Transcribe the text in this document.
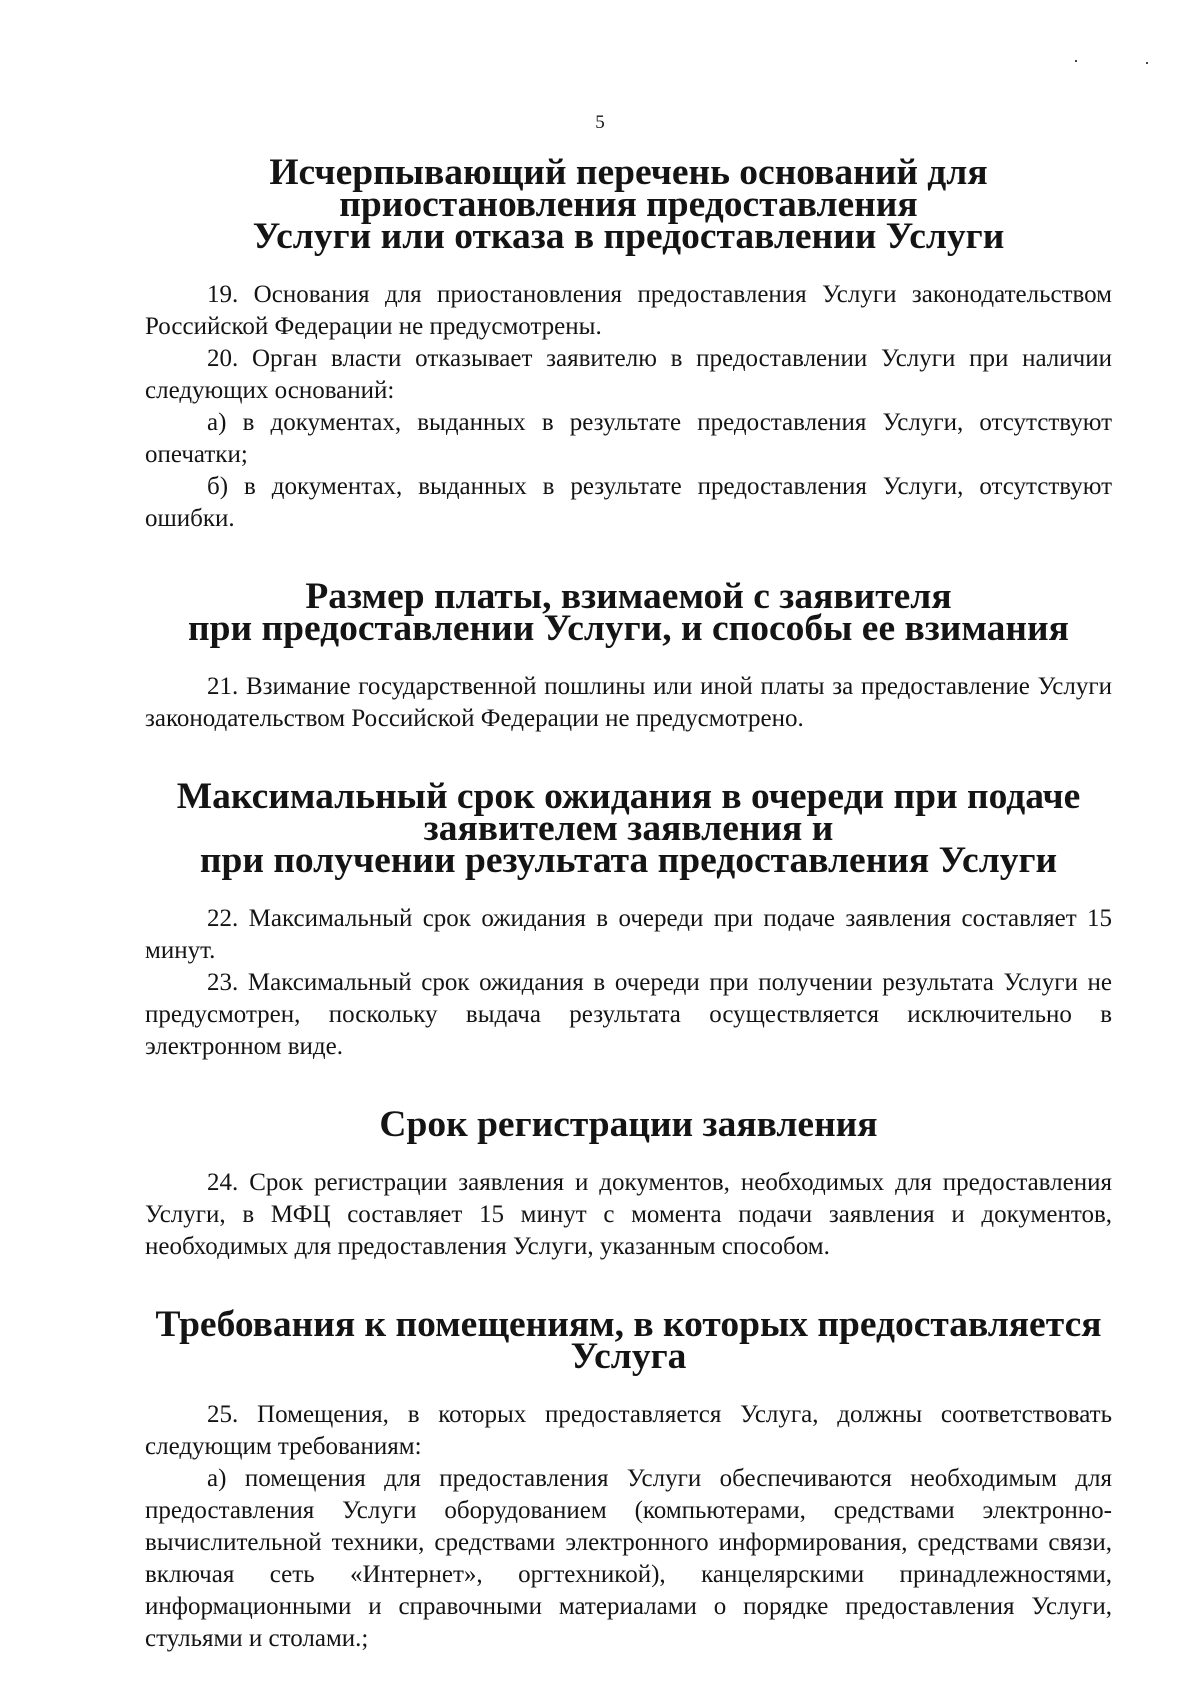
5
Исчерпывающий перечень оснований для приостановления предоставления
Услуги или отказа в предоставлении Услуги

19. Основания для приостановления предоставления Услуги законодательством Российской Федерации не предусмотрены.

20. Орган власти отказывает заявителю в предоставлении Услуги при наличии следующих оснований:

а) в документах, выданных в результате предоставления Услуги, отсутствуют опечатки;

б) в документах, выданных в результате предоставления Услуги, отсутствуют ошибки.

Размер платы, взимаемой с заявителя
при предоставлении Услуги, и способы ее взимания

21. Взимание государственной пошлины или иной платы за предоставление Услуги законодательством Российской Федерации не предусмотрено.

Максимальный срок ожидания в очереди при подаче заявителем заявления и
при получении результата предоставления Услуги

22. Максимальный срок ожидания в очереди при подаче заявления составляет 15 минут.

23. Максимальный срок ожидания в очереди при получении результата Услуги не предусмотрен, поскольку выдача результата осуществляется исключительно в электронном виде.

Срок регистрации заявления

24. Срок регистрации заявления и документов, необходимых для предоставления Услуги, в МФЦ составляет 15 минут с момента подачи заявления и документов, необходимых для предоставления Услуги, указанным способом.

Требования к помещениям, в которых предоставляется Услуга

25. Помещения, в которых предоставляется Услуга, должны соответствовать следующим требованиям:

а) помещения для предоставления Услуги обеспечиваются необходимым для предоставления Услуги оборудованием (компьютерами, средствами электронно-вычислительной техники, средствами электронного информирования, средствами связи, включая сеть «Интернет», оргтехникой), канцелярскими принадлежностями, информационными и справочными материалами о порядке предоставления Услуги, стульями и столами.;
